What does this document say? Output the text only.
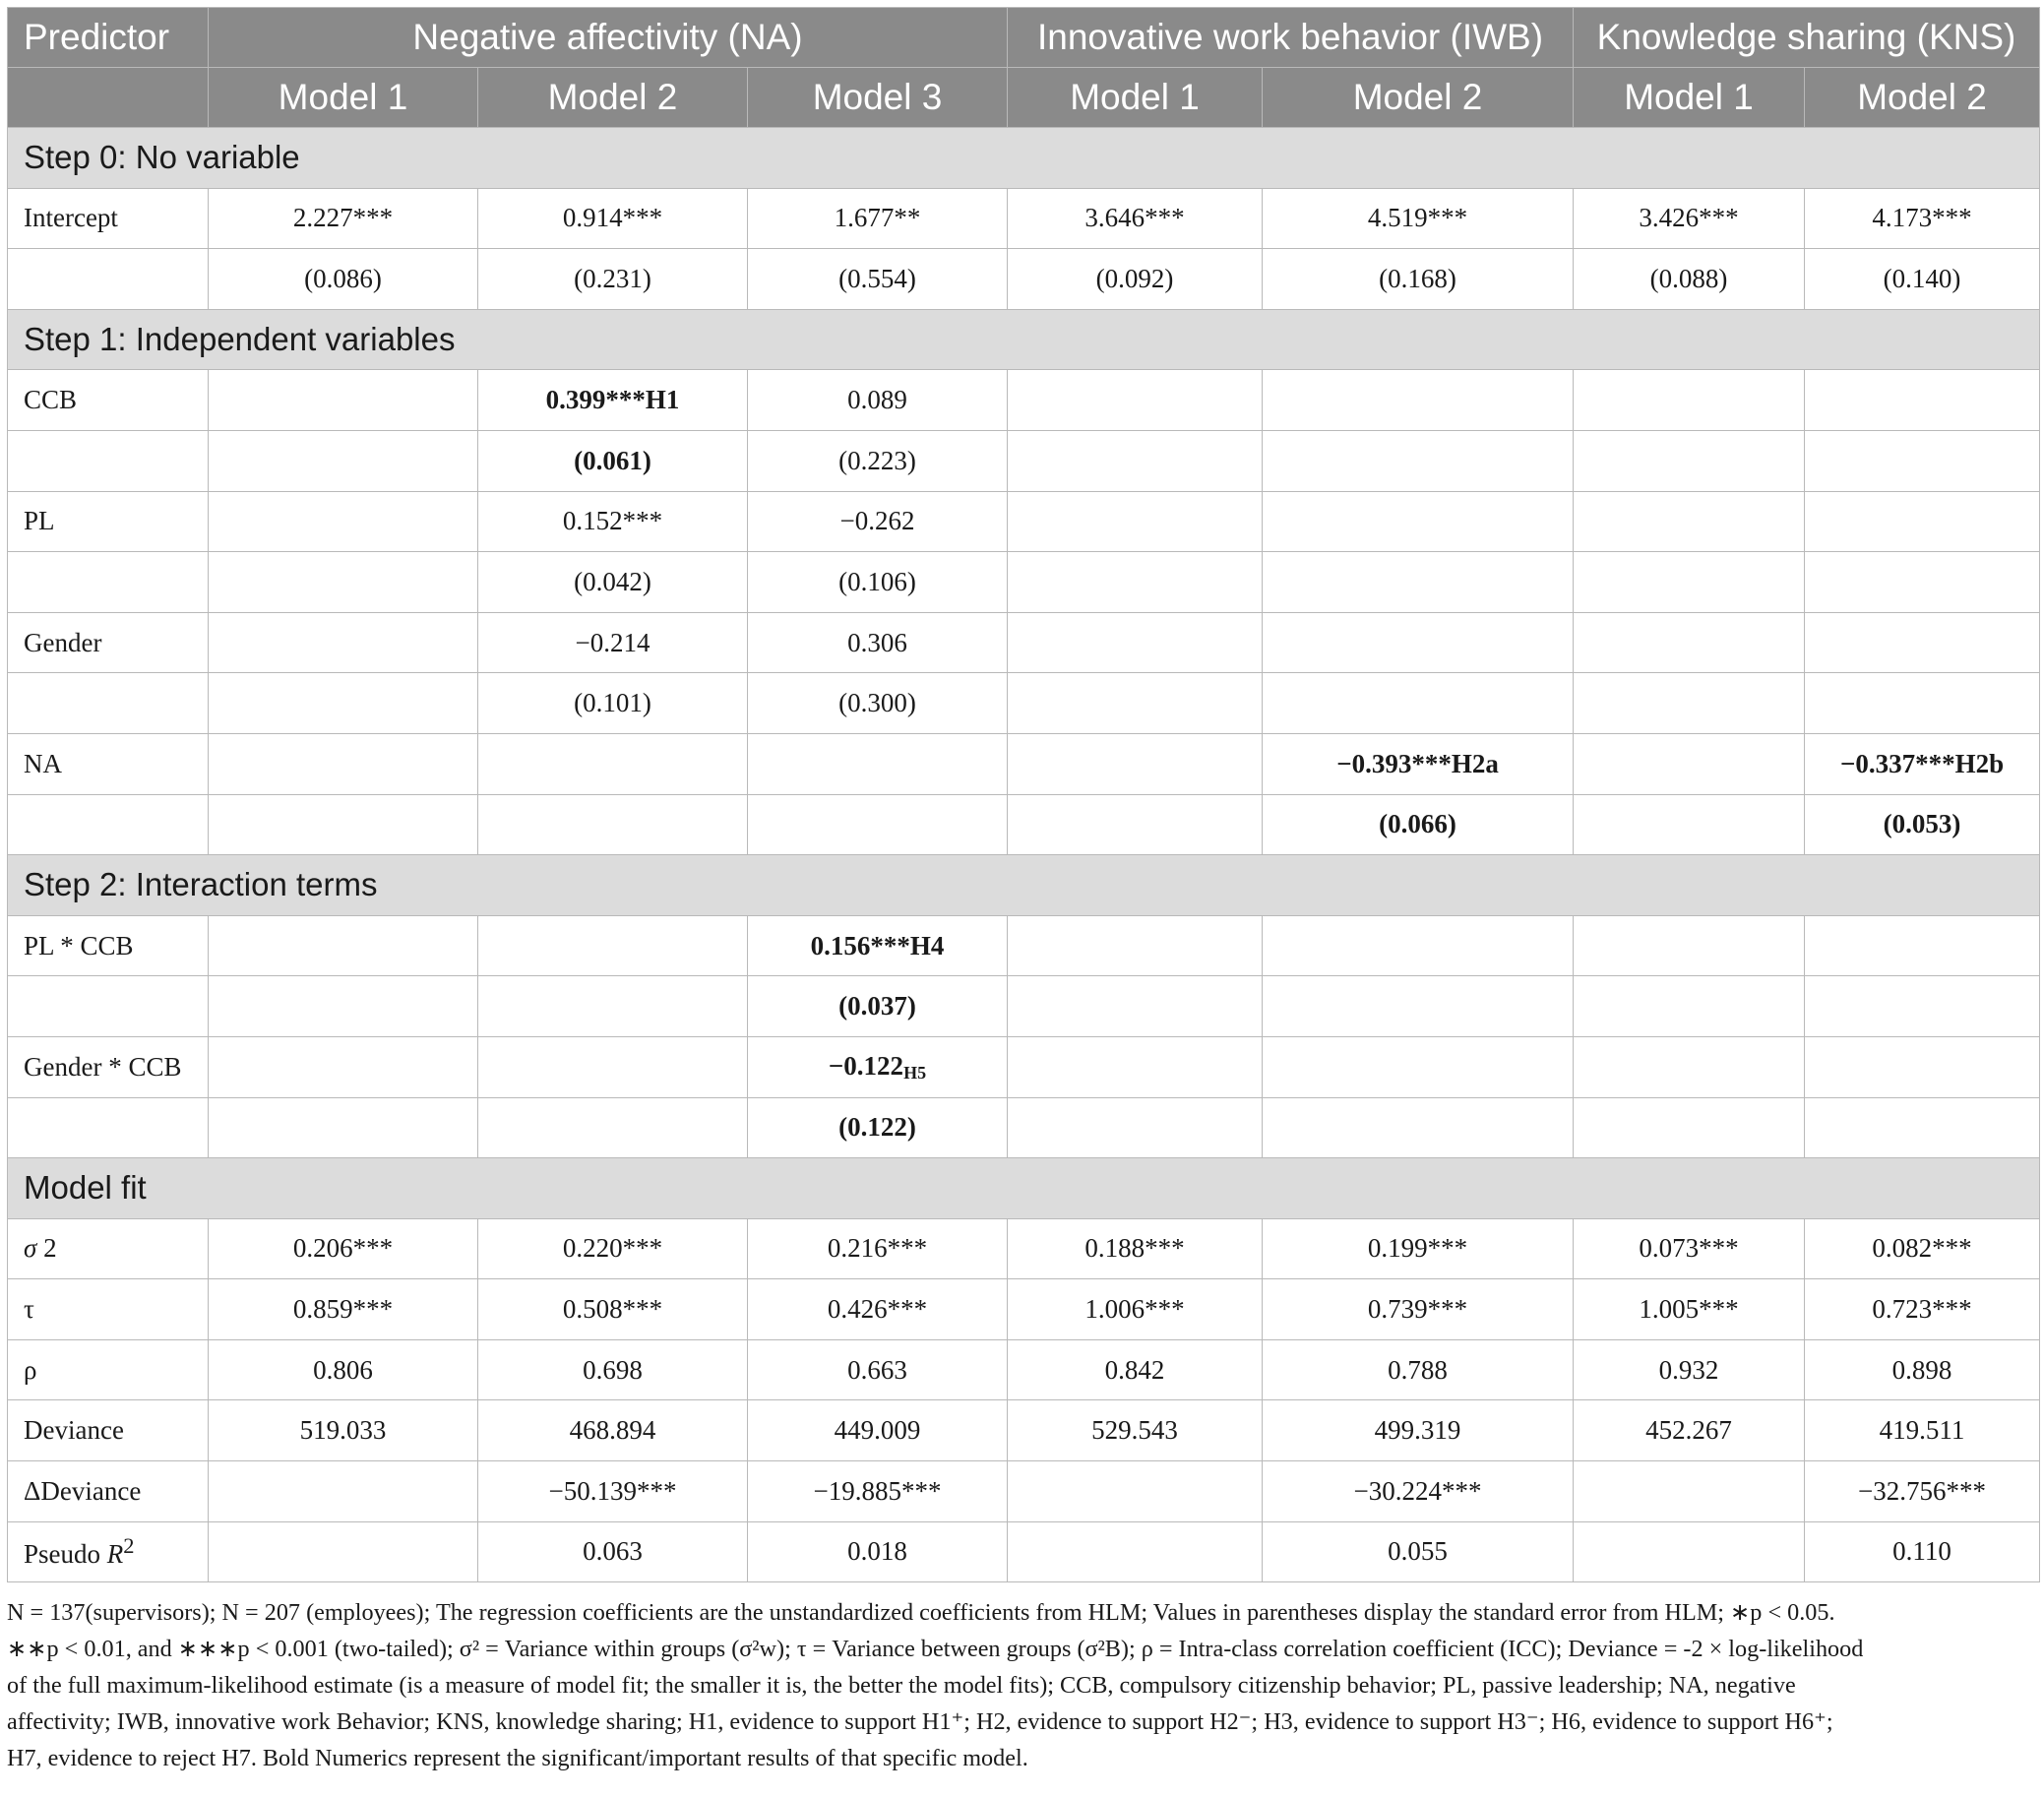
Predictor	Negative affectivity (NA)			Innovative work behavior (IWB)		Knowledge sharing (KNS)	
	Model 1	Model 2	Model 3	Model 1	Model 2	Model 1	Model 2
Step 0: No variable							
Intercept	2.227***	0.914***	1.677**	3.646***	4.519***	3.426***	4.173***
	(0.086)	(0.231)	(0.554)	(0.092)	(0.168)	(0.088)	(0.140)
Step 1: Independent variables							
CCB		0.399***H1	0.089				
		(0.061)	(0.223)				
PL		0.152***	−0.262				
		(0.042)	(0.106)				
Gender		−0.214	0.306				
		(0.101)	(0.300)				
NA					−0.393***H2a		−0.337***H2b
					(0.066)		(0.053)
Step 2: Interaction terms							
PL * CCB			0.156***H4				
			(0.037)				
Gender * CCB			$-0.122_{H5}$				
			(0.122)				
Model fit							
σ 2	0.206***	0.220***	0.216***	0.188***	0.199***	0.073***	0.082***
τ	0.859***	0.508***	0.426***	1.006***	0.739***	1.005***	0.723***
ρ	0.806	0.698	0.663	0.842	0.788	0.932	0.898
Deviance	519.033	468.894	449.009	529.543	499.319	452.267	419.511
ΔDeviance		−50.139***	−19.885***		−30.224***		−32.756***
Pseudo $R^2$		0.063	0.018		0.055		0.110

N = 137(supervisors); N = 207 (employees); The regression coefficients are the unstandardized coefficients from HLM; Values in parentheses display the standard error from HLM; ∗p < 0.05.

∗∗p < 0.01, and ∗∗∗p < 0.001 (two-tailed); σ² = Variance within groups (σ²w); τ = Variance between groups (σ²B); ρ = Intra-class correlation coefficient (ICC); Deviance = -2 × log-likelihood

of the full maximum-likelihood estimate (is a measure of model fit; the smaller it is, the better the model fits); CCB, compulsory citizenship behavior; PL, passive leadership; NA, negative

affectivity; IWB, innovative work Behavior; KNS, knowledge sharing; H1, evidence to support H1⁺; H2, evidence to support H2⁻; H3, evidence to support H3⁻; H6, evidence to support H6⁺;

H7, evidence to reject H7. Bold Numerics represent the significant/important results of that specific model.
